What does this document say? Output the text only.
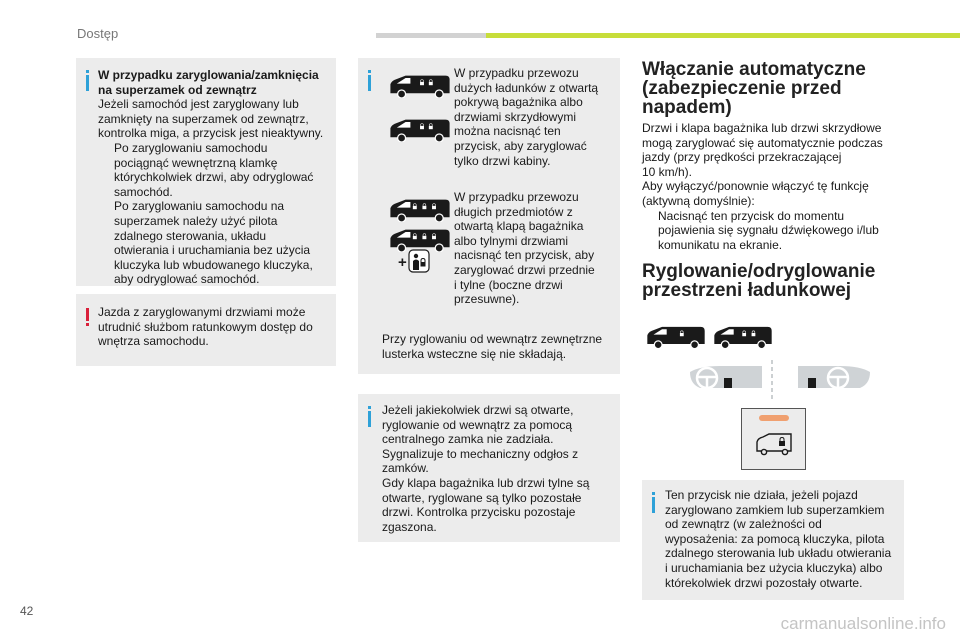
Dostęp
W przypadku zaryglowania/zamknięcia
na superzamek od zewnątrz
Jeżeli samochód jest zaryglowany lub
zamknięty na superzamek od zewnątrz,
kontrolka miga, a przycisk jest nieaktywny.
Po zaryglowaniu samochodu
pociągnąć wewnętrzną klamkę
którychkolwiek drzwi, aby odryglować
samochód.
Po zaryglowaniu samochodu na
superzamek należy użyć pilota
zdalnego sterowania, układu
otwierania i uruchamiania bez użycia
kluczyka lub wbudowanego kluczyka,
aby odryglować samochód.
Jazda z zaryglowanymi drzwiami może
utrudnić służbom ratunkowym dostęp do
wnętrza samochodu.
+
W przypadku przewozu
dużych ładunków z otwartą
pokrywą bagażnika albo
drzwiami skrzydłowymi
można nacisnąć ten
przycisk, aby zaryglować
tylko drzwi kabiny.
W przypadku przewozu
długich przedmiotów z
otwartą klapą bagażnika
albo tylnymi drzwiami
nacisnąć ten przycisk, aby
zaryglować drzwi przednie
i tylne (boczne drzwi
przesuwne).
Przy ryglowaniu od wewnątrz zewnętrzne
lusterka wsteczne się nie składają.
Jeżeli jakiekolwiek drzwi są otwarte,
ryglowanie od wewnątrz za pomocą
centralnego zamka nie zadziała.
Sygnalizuje to mechaniczny odgłos z
zamków.
Gdy klapa bagażnika lub drzwi tylne są
otwarte, ryglowane są tylko pozostałe
drzwi. Kontrolka przycisku pozostaje
zgaszona.
Włączanie automatyczne
(zabezpieczenie przed
napadem)
Drzwi i klapa bagażnika lub drzwi skrzydłowe
mogą zaryglować się automatycznie podczas
jazdy (przy prędkości przekraczającej
10 km/h).
Aby wyłączyć/ponownie włączyć tę funkcję
(aktywną domyślnie):
Nacisnąć ten przycisk do momentu
pojawienia się sygnału dźwiękowego i/lub
komunikatu na ekranie.
Ryglowanie/odryglowanie
przestrzeni ładunkowej
Ten przycisk nie działa, jeżeli pojazd
zaryglowano zamkiem lub superzamkiem
od zewnątrz (w zależności od
wyposażenia: za pomocą kluczyka, pilota
zdalnego sterowania lub układu otwierania
i uruchamiania bez użycia kluczyka) albo
którekolwiek drzwi pozostały otwarte.
42
carmanualsonline.info
